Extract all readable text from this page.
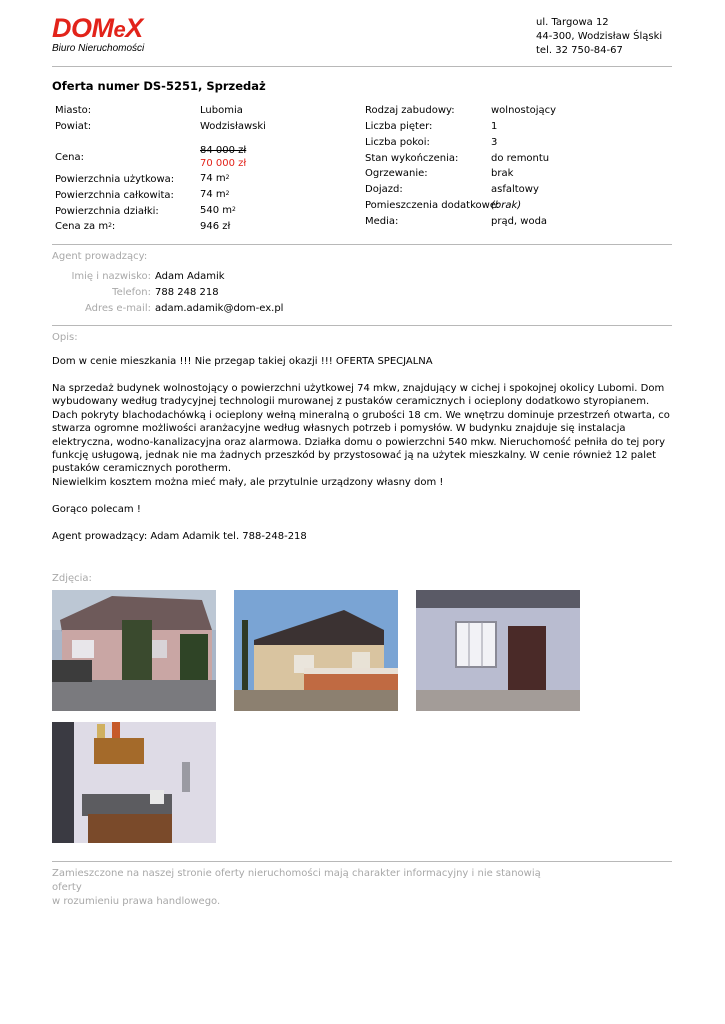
DOMeX
Biuro Nieruchomości
ul. Targowa 12
44-300, Wodzisław Śląski
tel. 32 750-84-67
Oferta numer DS-5251, Sprzedaż
Miasto:	Lubomia
Powiat:	Wodzisławski
Cena:
84 000 zł
70 000 zł
Powierzchnia użytkowa:	74 $m^2$
Powierzchnia całkowita:	74 $m^2$
Powierzchnia działki:	540 $m^2$
Cena za $m^2$:	946 zł
Rodzaj zabudowy:	wolnostojący
Liczba pięter:	1
Liczba pokoi:	3
Stan wykończenia:	do remontu
Ogrzewanie:	brak
Dojazd:	asfaltowy
Pomieszczenia dodatkowe:
(brak)
Media:	prąd, woda
Agent prowadzący:
Imię i nazwisko: Adam Adamik
Telefon: 788 248 218
Adres e-mail: adam.adamik@dom-ex.pl
Opis:
Dom w cenie mieszkania !!! Nie przegap takiej okazji !!! OFERTA SPECJALNA
Na sprzedaż budynek wolnostojący o powierzchni użytkowej 74 mkw, znajdujący w cichej i spokojnej okolicy Lubomi. Dom wybudowany według tradycyjnej technologii murowanej z pustaków ceramicznych i ocieplony dodatkowo styropianem. Dach pokryty blachodachówką i ocieplony wełną mineralną o grubości 18 cm. We wnętrzu dominuje przestrzeń otwarta, co stwarza ogromne możliwości aranżacyjne według własnych potrzeb i pomysłów. W budynku znajduje się instalacja elektryczna, wodno-kanalizacyjna oraz alarmowa. Działka domu o powierzchni 540 mkw. Nieruchomość pełniła do tej pory funkcję usługową, jednak nie ma żadnych przeszkód by przystosować ją na użytek mieszkalny. W cenie również 12 palet pustaków ceramicznych porotherm.
Niewielkim kosztem można mieć mały, ale przytulnie urządzony własny dom !
Gorąco polecam !
Agent prowadzący: Adam Adamik tel. 788-248-218
Zdjęcia:
Zamieszczone na naszej stronie oferty nieruchomości mają charakter informacyjny i nie stanowią oferty
w rozumieniu prawa handlowego.
